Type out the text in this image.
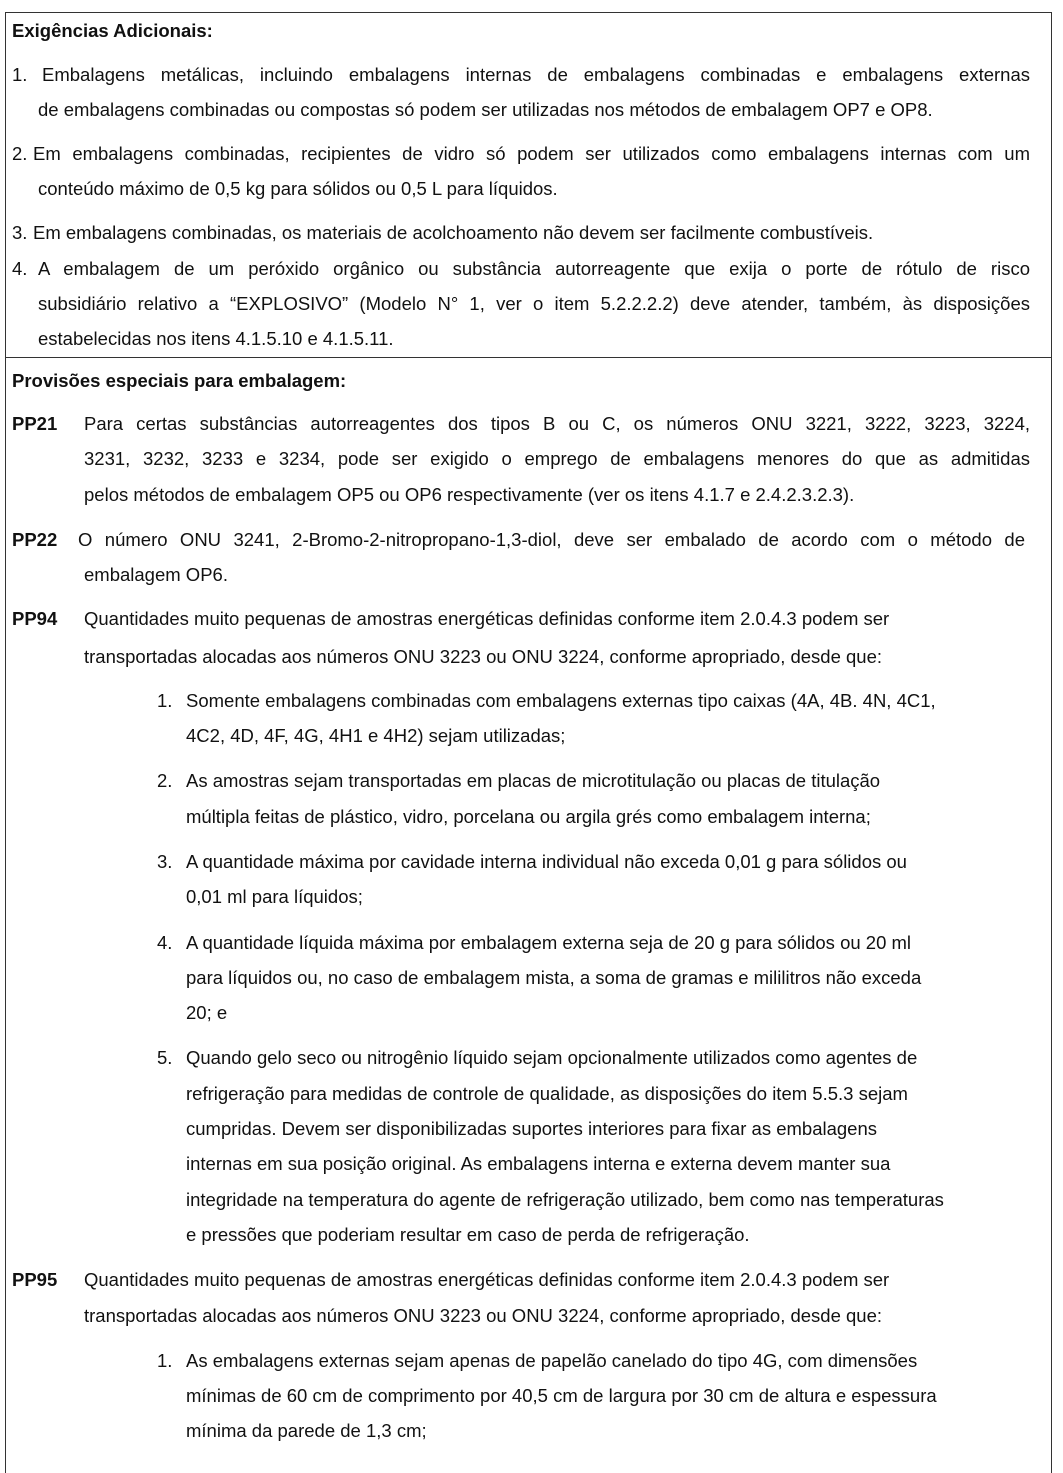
Exigências Adicionais:
1. Embalagens metálicas, incluindo embalagens internas de embalagens combinadas e embalagens externas
de embalagens combinadas ou compostas só podem ser utilizadas nos métodos de embalagem OP7 e OP8.
2. Em embalagens combinadas, recipientes de vidro só podem ser utilizados como embalagens internas com um
conteúdo máximo de 0,5 kg para sólidos ou 0,5 L para líquidos.
3. Em embalagens combinadas, os materiais de acolchoamento não devem ser facilmente combustíveis.
4. A embalagem de um peróxido orgânico ou substância autorreagente que exija o porte de rótulo de risco
subsidiário relativo a “EXPLOSIVO” (Modelo N° 1, ver o item 5.2.2.2.2) deve atender, também, às disposições
estabelecidas nos itens 4.1.5.10 e 4.1.5.11.
Provisões especiais para embalagem:
PP21 Para certas substâncias autorreagentes dos tipos B ou C, os números ONU 3221, 3222, 3223, 3224,
3231, 3232, 3233 e 3234, pode ser exigido o emprego de embalagens menores do que as admitidas
pelos métodos de embalagem OP5 ou OP6 respectivamente (ver os itens 4.1.7 e 2.4.2.3.2.3).
PP22 O número ONU 3241, 2-Bromo-2-nitropropano-1,3-diol, deve ser embalado de acordo com o método de
embalagem OP6.
PP94 Quantidades muito pequenas de amostras energéticas definidas conforme item 2.0.4.3 podem ser
transportadas alocadas aos números ONU 3223 ou ONU 3224, conforme apropriado, desde que:
1. Somente embalagens combinadas com embalagens externas tipo caixas (4A, 4B. 4N, 4C1,
4C2, 4D, 4F, 4G, 4H1 e 4H2) sejam utilizadas;
2. As amostras sejam transportadas em placas de microtitulação ou placas de titulação
múltipla feitas de plástico, vidro, porcelana ou argila grés como embalagem interna;
3. A quantidade máxima por cavidade interna individual não exceda 0,01 g para sólidos ou
0,01 ml para líquidos;
4. A quantidade líquida máxima por embalagem externa seja de 20 g para sólidos ou 20 ml
para líquidos ou, no caso de embalagem mista, a soma de gramas e mililitros não exceda
20; e
5. Quando gelo seco ou nitrogênio líquido sejam opcionalmente utilizados como agentes de
refrigeração para medidas de controle de qualidade, as disposições do item 5.5.3 sejam
cumpridas. Devem ser disponibilizadas suportes interiores para fixar as embalagens
internas em sua posição original. As embalagens interna e externa devem manter sua
integridade na temperatura do agente de refrigeração utilizado, bem como nas temperaturas
e pressões que poderiam resultar em caso de perda de refrigeração.
PP95 Quantidades muito pequenas de amostras energéticas definidas conforme item 2.0.4.3 podem ser
transportadas alocadas aos números ONU 3223 ou ONU 3224, conforme apropriado, desde que:
1. As embalagens externas sejam apenas de papelão canelado do tipo 4G, com dimensões
mínimas de 60 cm de comprimento por 40,5 cm de largura por 30 cm de altura e espessura
mínima da parede de 1,3 cm;
